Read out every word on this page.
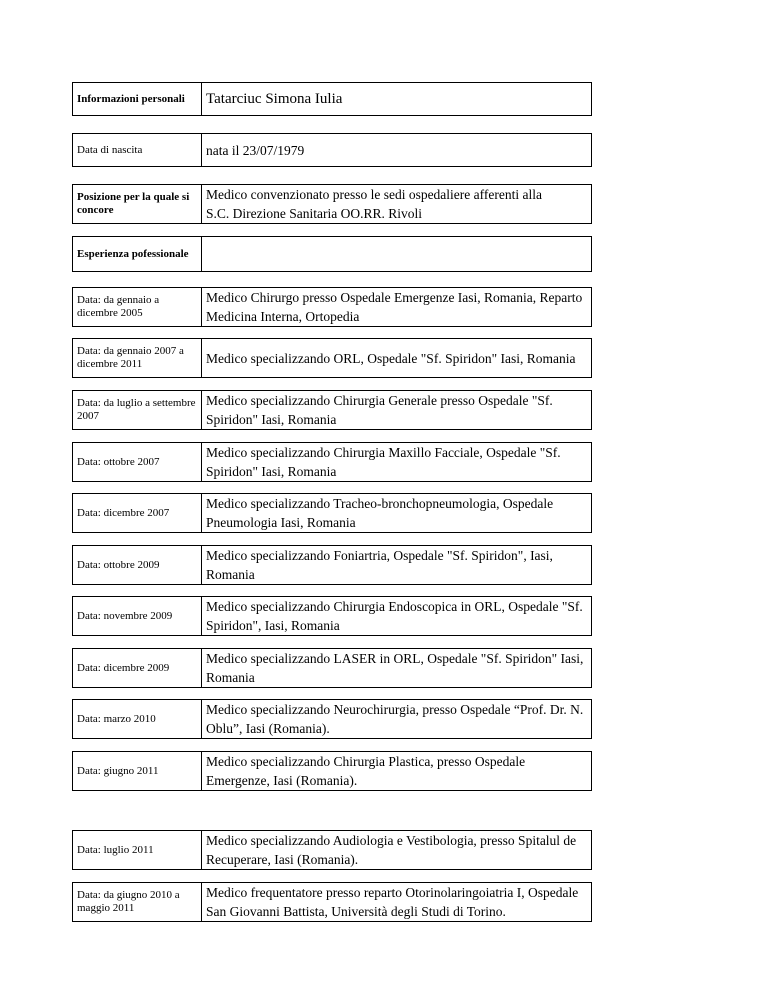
Informazioni personali	Tatarciuc Simona Iulia
Data di nascita	nata il 23/07/1979
Posizione per la quale si concore
Medico convenzionato presso le sedi ospedaliere afferenti alla
S.C. Direzione Sanitaria OO.RR. Rivoli
Esperienza pofessionale
Data: da gennaio a dicembre 2005
Medico Chirurgo presso Ospedale Emergenze Iasi, Romania, Reparto Medicina Interna, Ortopedia
Data: da gennaio 2007 a dicembre 2011	Medico specializzando ORL, Ospedale "Sf. Spiridon" Iasi, Romania
Data: da luglio a settembre 2007
Medico specializzando Chirurgia Generale presso Ospedale "Sf. Spiridon" Iasi, Romania
Data: ottobre 2007
Medico specializzando Chirurgia Maxillo Facciale, Ospedale "Sf. Spiridon" Iasi, Romania
Data: dicembre 2007
Medico specializzando Tracheo-bronchopneumologia, Ospedale Pneumologia Iasi, Romania
Data: ottobre 2009
Medico specializzando Foniartria, Ospedale "Sf. Spiridon", Iasi, Romania
Data: novembre 2009
Medico specializzando Chirurgia Endoscopica in ORL, Ospedale "Sf. Spiridon", Iasi, Romania
Data: dicembre 2009
Medico specializzando LASER in ORL, Ospedale "Sf. Spiridon" Iasi, Romania
Data: marzo 2010
Medico specializzando Neurochirurgia, presso Ospedale “Prof. Dr. N. Oblu”, Iasi (Romania).
Data: giugno 2011
Medico specializzando Chirurgia Plastica, presso Ospedale Emergenze, Iasi (Romania).
Data: luglio 2011
Medico specializzando Audiologia e Vestibologia, presso Spitalul de Recuperare, Iasi (Romania).
Data: da giugno 2010 a maggio 2011
Medico frequentatore presso reparto Otorinolaringoiatria I, Ospedale San Giovanni Battista, Università degli Studi di Torino.
